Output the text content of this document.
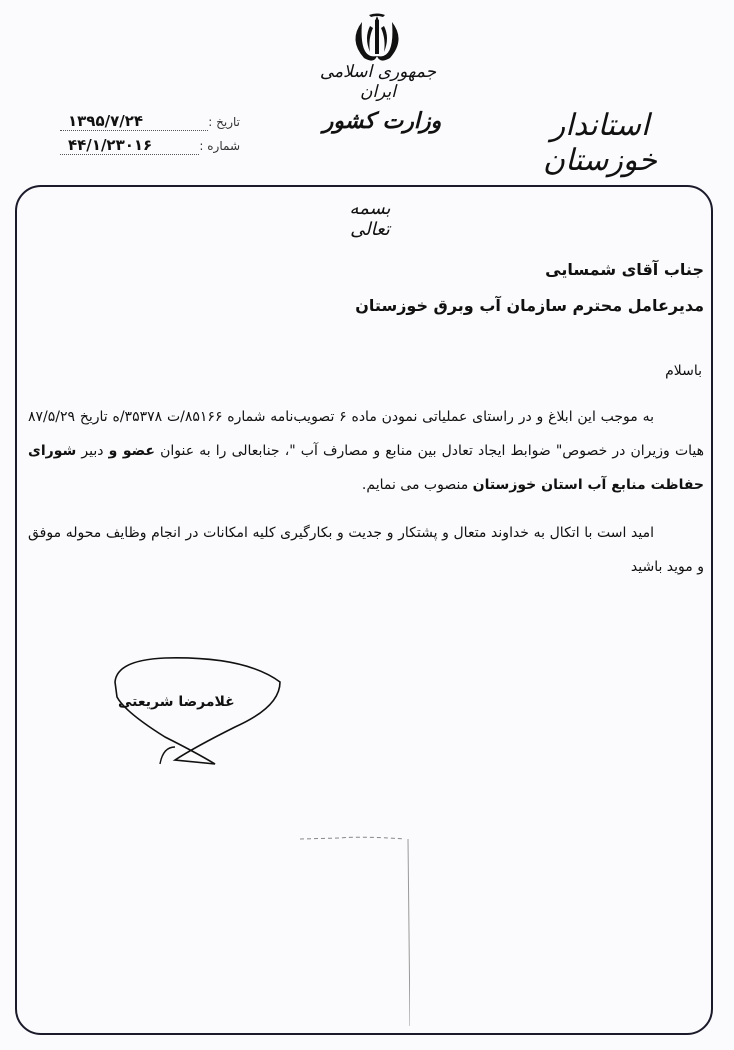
جمهوری اسلامی ایران
وزارت کشور	استاندار خوزستان
تاریخ :
۱۳۹۵/۷/۲۴
شماره :
۴۴/۱/۲۳۰۱۶
بسمه تعالی
جناب آقای شمسایی
مدیرعامل محترم سازمان آب وبرق خوزستان
باسلام
به موجب این ابلاغ و در راستای عملیاتی نمودن ماده ۶ تصویب‌نامه شماره ۸۵۱۶۶/ت ۳۵۳۷۸/ه تاریخ ۸۷/۵/۲۹ هیات وزیران در خصوص" ضوابط ایجاد تعادل بین منابع و مصارف آب "، جنابعالی را به عنوان عضو و دبیر شورای حفاظت منابع آب استان خوزستان منصوب می نمایم.
امید است با اتکال به خداوند متعال و پشتکار و جدیت و بکارگیری کلیه امکانات در انجام وظایف محوله موفق و موید باشید
غلامرضا شریعتی
